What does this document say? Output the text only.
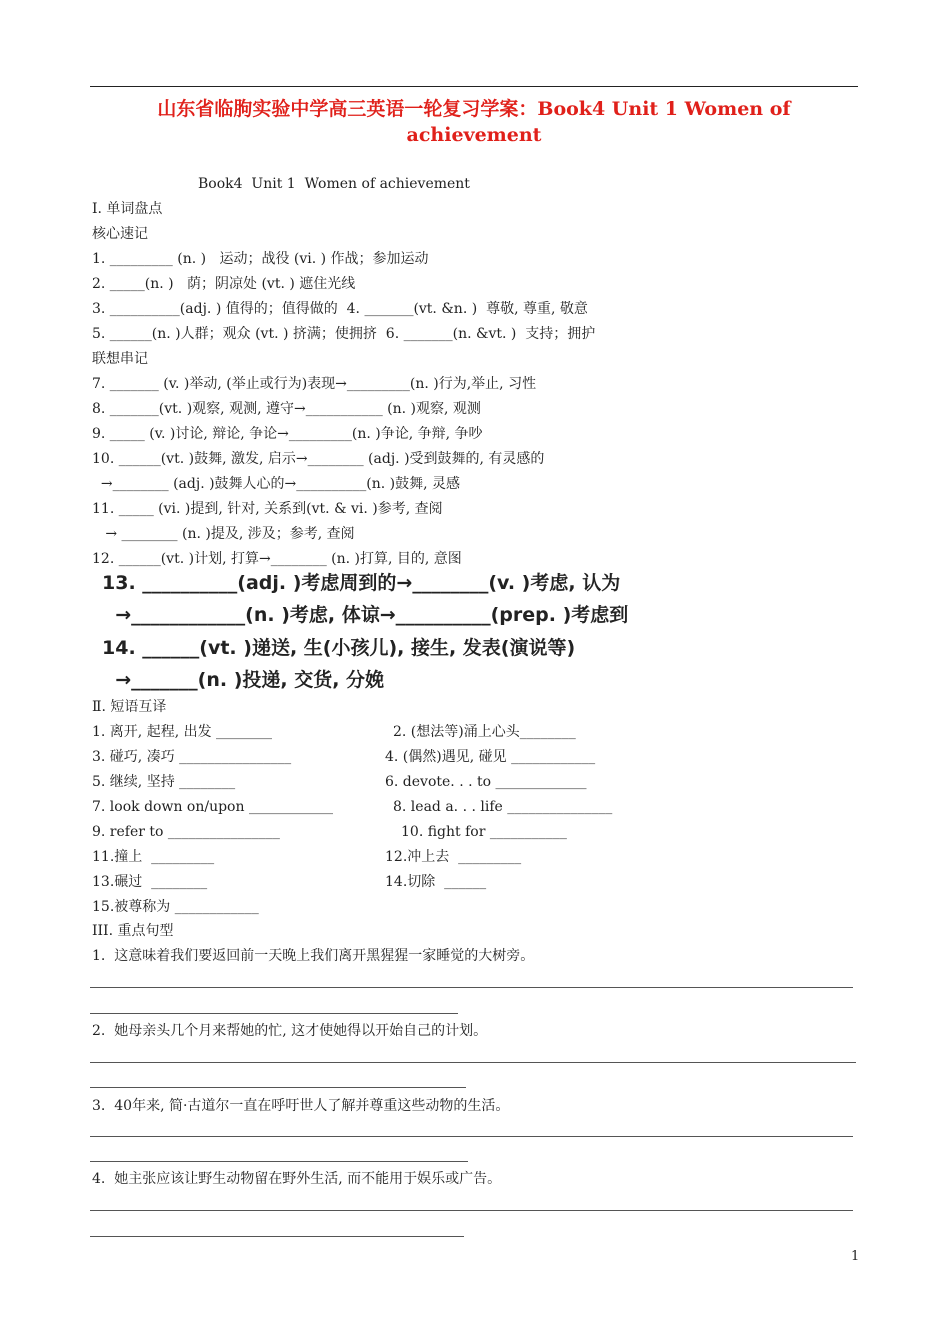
山东省临朐实验中学高三英语一轮复习学案：Book4 Unit 1 Women of
achievement
Book4  Unit 1  Women of achievement
Ⅰ. 单词盘点
核心速记
1. _________ (n. )   运动；战役 (vi. ) 作战；参加运动
2. _____(n. )   荫；阴凉处 (vt. ) 遮住光线
3. __________(adj. ) 值得的；值得做的  4. _______(vt. &n. )  尊敬, 尊重, 敬意
5. ______(n. )人群；观众 (vt. ) 挤满；使拥挤  6. _______(n. &vt. )  支持；拥护
联想串记
7. _______ (v. )举动, (举止或行为)表现→_________(n. )行为,举止, 习性
8. _______(vt. )观察, 观测, 遵守→___________ (n. )观察, 观测
9. _____ (v. )讨论, 辩论, 争论→_________(n. )争论, 争辩, 争吵
10. ______(vt. )鼓舞, 激发, 启示→________ (adj. )受到鼓舞的, 有灵感的
→________ (adj. )鼓舞人心的→__________(n. )鼓舞, 灵感
11. _____ (vi. )提到, 针对, 关系到(vt. & vi. )参考, 查阅
→ ________ (n. )提及, 涉及；参考, 查阅
12. ______(vt. )计划, 打算→________ (n. )打算, 目的, 意图
13. __________(adj. )考虑周到的→________(v. )考虑, 认为
→____________(n. )考虑, 体谅→__________(prep. )考虑到
14. ______(vt. )递送, 生(小孩儿), 接生, 发表(演说等)
→_______(n. )投递, 交货, 分娩
Ⅱ. 短语互译
1. 离开, 起程, 出发 ________
3. 碰巧, 凑巧 ________________
5. 继续, 坚持 ________
7. look down on/upon ____________
9. refer to ________________
11.撞上  _________
13.碾过  ________
15.被尊称为 ____________
2. (想法等)涌上心头________
4. (偶然)遇见, 碰见 ____________
6. devote. . . to _____________
8. lead a. . . life _______________
10. fight for ___________
12.冲上去  _________
14.切除  ______
III. 重点句型
1.  这意味着我们要返回前一天晚上我们离开黑猩猩一家睡觉的大树旁。
2.  她母亲头几个月来帮她的忙, 这才使她得以开始自己的计划。
3.  40年来, 简·古道尔一直在呼吁世人了解并尊重这些动物的生活。
4.  她主张应该让野生动物留在野外生活, 而不能用于娱乐或广告。
1
